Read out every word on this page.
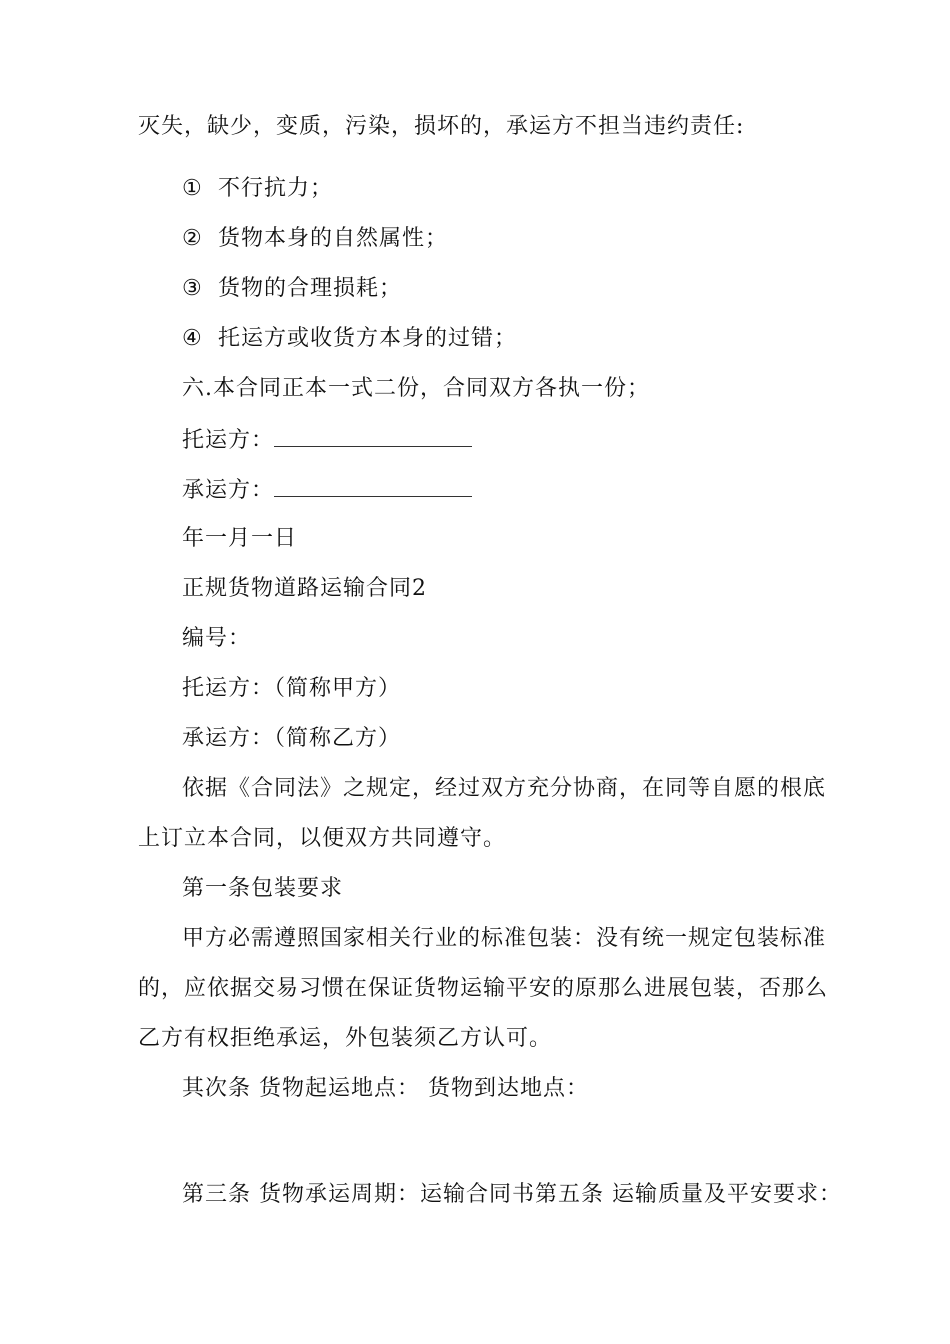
灭失，缺少，变质，污染，损坏的，承运方不担当违约责任:
① 不行抗力；
② 货物本身的自然属性；
③ 货物的合理损耗；
④ 托运方或收货方本身的过错；
六.本合同正本一式二份，合同双方各执一份；
托运方：
承运方：
年一月一日
正规货物道路运输合同2
编号：
托运方：（简称甲方）
承运方：（简称乙方）
依据《合同法》之规定，经过双方充分协商，在同等自愿的根底
上订立本合同，以便双方共同遵守。
第一条包装要求
甲方必需遵照国家相关行业的标准包装：没有统一规定包装标准
的，应依据交易习惯在保证货物运输平安的原那么进展包装，否那么
乙方有权拒绝承运，外包装须乙方认可。
其次条 货物起运地点： 货物到达地点：
第三条 货物承运周期：运输合同书第五条 运输质量及平安要求：
